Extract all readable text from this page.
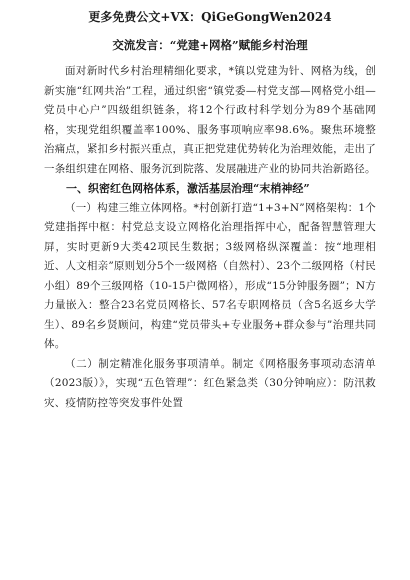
更多免费公文+VX：QiGeGongWen2024
交流发言：“党建+网格”赋能乡村治理

面对新时代乡村治理精细化要求，*镇以党建为针、网格为线，创新实施“红网共治”工程，通过织密“镇党委—村党支部—网格党小组—党员中心户”四级组织链条，将12个行政村科学划分为89个基础网格，实现党组织覆盖率100%、服务事项响应率98.6%。聚焦环境整治痛点，紧扣乡村振兴重点，真正把党建优势转化为治理效能，走出了一条组织建在网格、服务沉到院落、发展融进产业的协同共治新路径。

一、织密红色网格体系，激活基层治理“末梢神经”

（一）构建三维立体网格。*村创新打造“1+3+N”网格架构：1个党建指挥中枢：村党总支设立网格化治理指挥中心，配备智慧管理大屏，实时更新9大类42项民生数据；3级网格纵深覆盖：按“地理相近、人文相亲”原则划分5个一级网格（自然村）、23个二级网格（村民小组）89个三级网格（10-15户微网格），形成“15分钟服务圈”；N方力量嵌入：整合23名党员网格长、57名专职网格员（含5名返乡大学生）、89名乡贤顾问，构建“党员带头+专业服务+群众参与”治理共同体。

（二）制定精准化服务事项清单。制定《网格服务事项动态清单（2023版）》，实现“五色管理”：红色紧急类（30分钟响应）：防汛救灾、疫情防控等突发事件处置
